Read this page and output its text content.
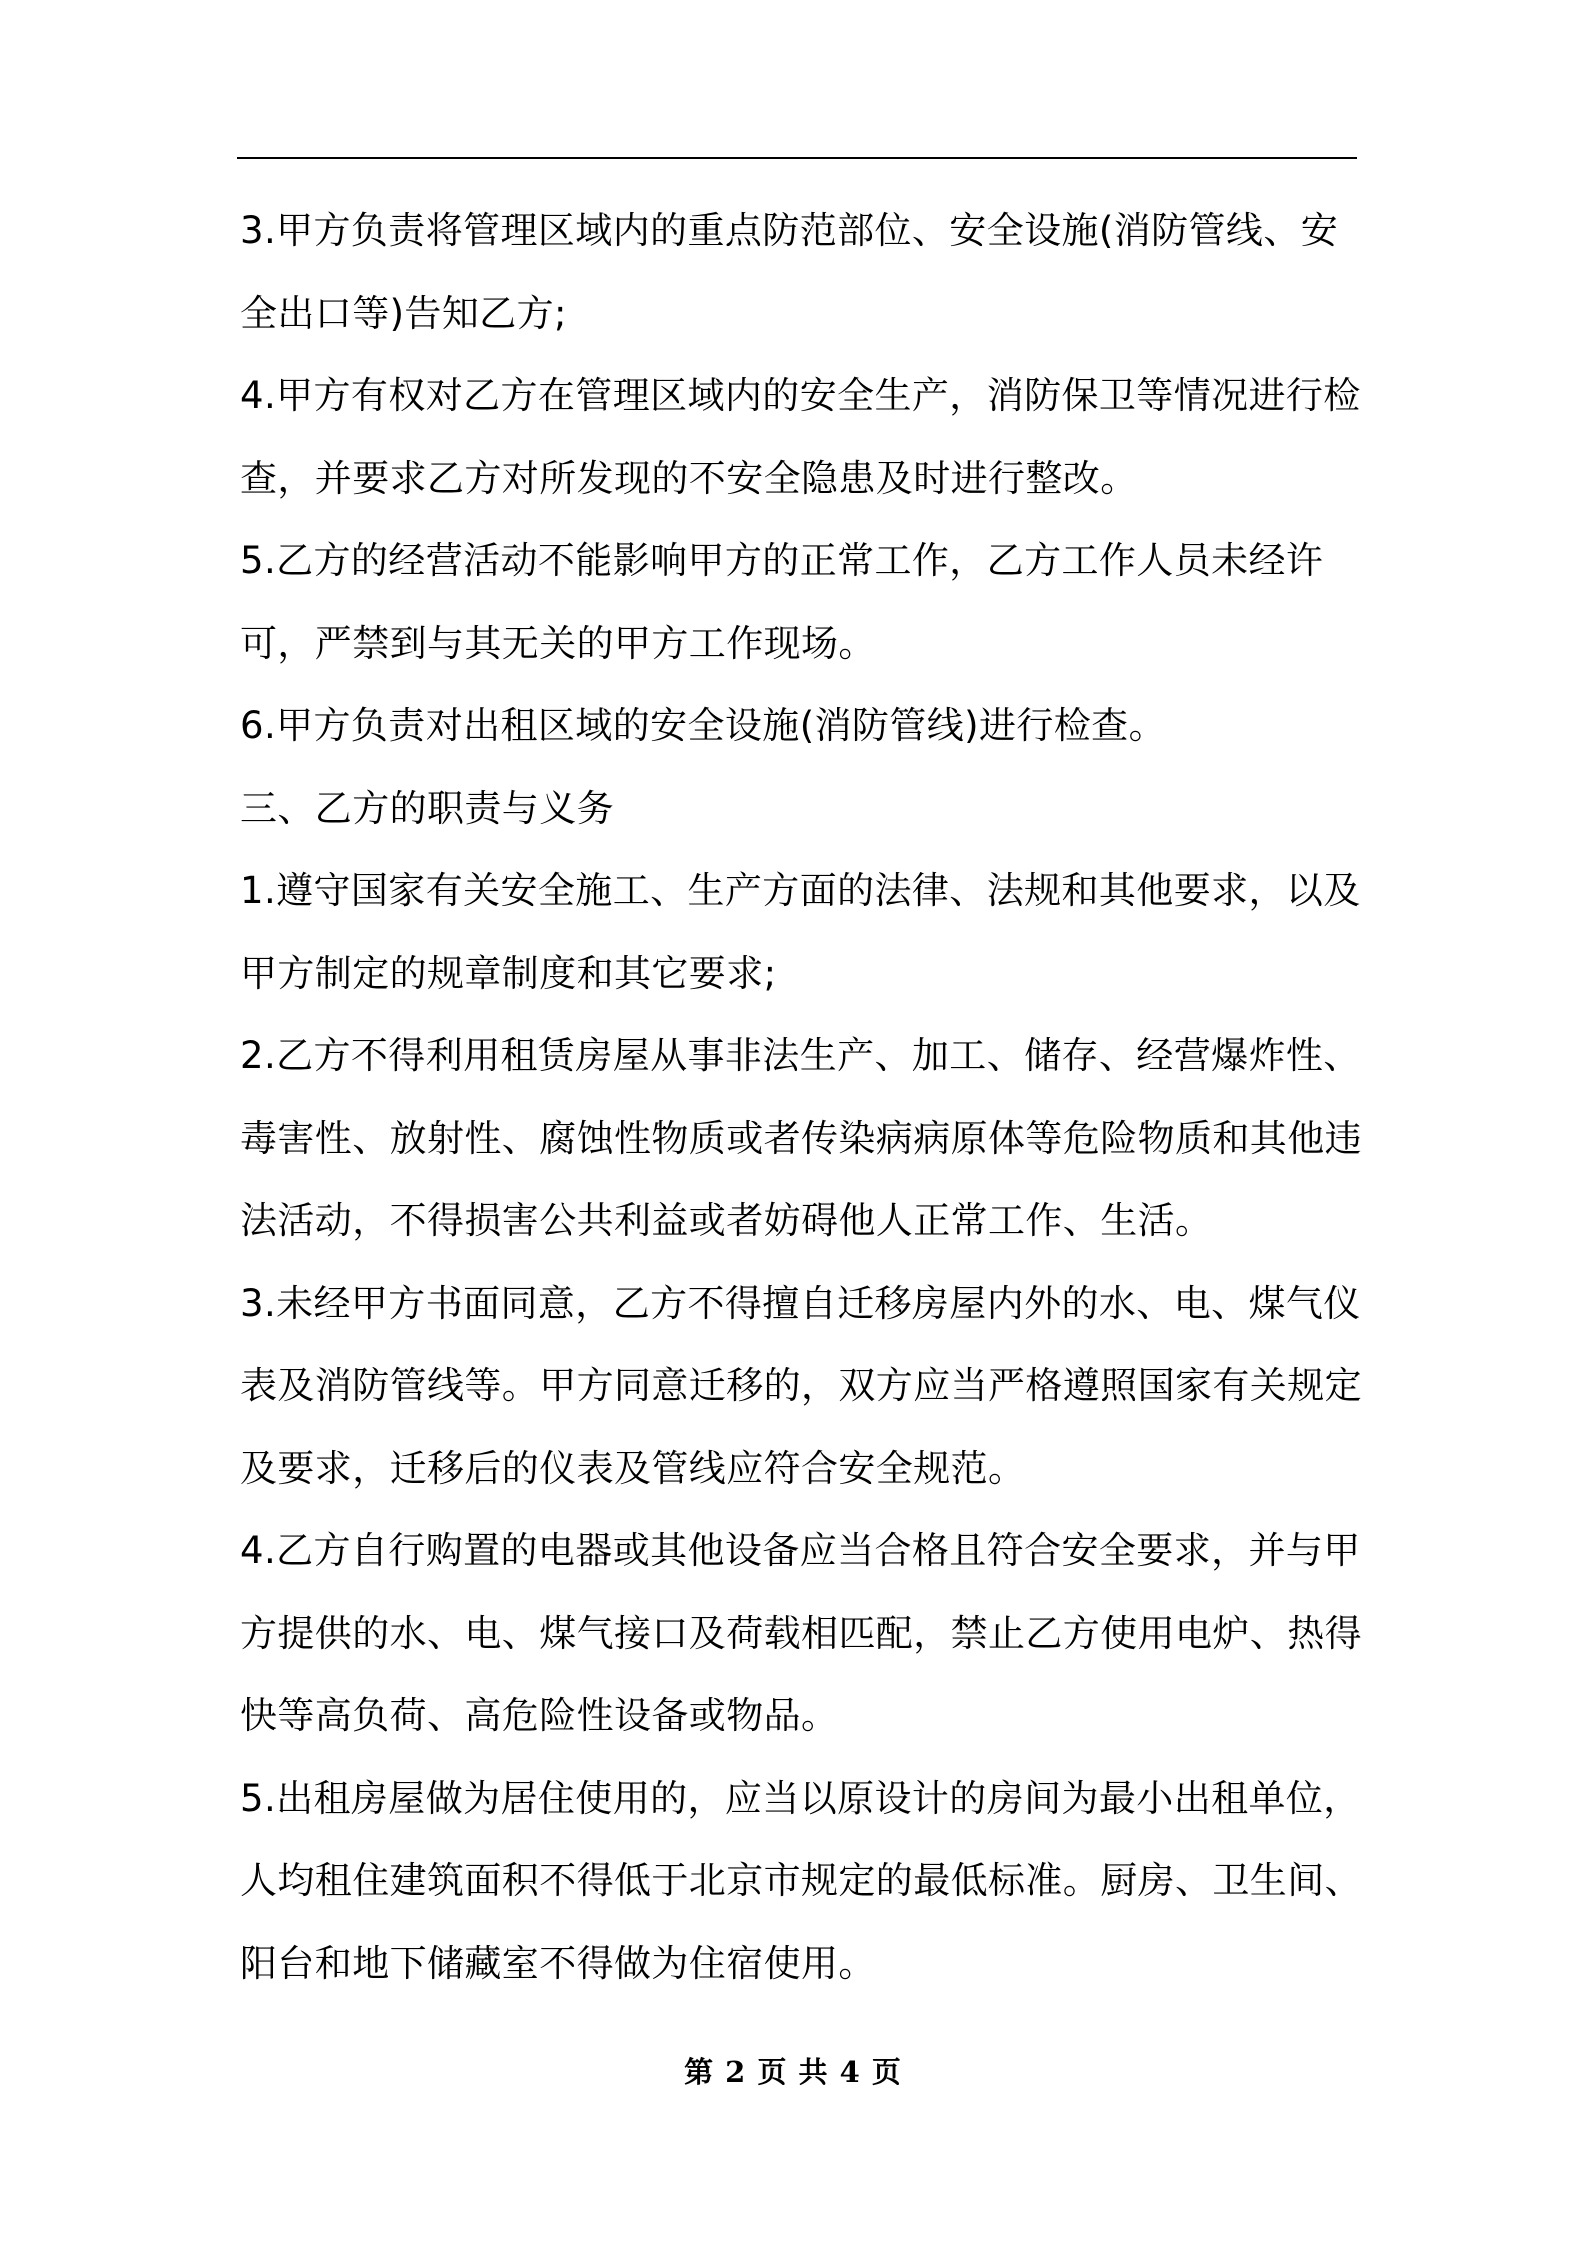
3.甲方负责将管理区域内的重点防范部位、安全设施(消防管线、安全出口等)告知乙方;

4.甲方有权对乙方在管理区域内的安全生产，消防保卫等情况进行检查，并要求乙方对所发现的不安全隐患及时进行整改。

5.乙方的经营活动不能影响甲方的正常工作，乙方工作人员未经许可，严禁到与其无关的甲方工作现场。

6.甲方负责对出租区域的安全设施(消防管线)进行检查。

三、乙方的职责与义务

1.遵守国家有关安全施工、生产方面的法律、法规和其他要求，以及甲方制定的规章制度和其它要求;

2.乙方不得利用租赁房屋从事非法生产、加工、储存、经营爆炸性、毒害性、放射性、腐蚀性物质或者传染病病原体等危险物质和其他违法活动，不得损害公共利益或者妨碍他人正常工作、生活。

3.未经甲方书面同意，乙方不得擅自迁移房屋内外的水、电、煤气仪表及消防管线等。甲方同意迁移的，双方应当严格遵照国家有关规定及要求，迁移后的仪表及管线应符合安全规范。

4.乙方自行购置的电器或其他设备应当合格且符合安全要求，并与甲方提供的水、电、煤气接口及荷载相匹配，禁止乙方使用电炉、热得快等高负荷、高危险性设备或物品。

5.出租房屋做为居住使用的，应当以原设计的房间为最小出租单位，人均租住建筑面积不得低于北京市规定的最低标准。厨房、卫生间、阳台和地下储藏室不得做为住宿使用。

第 2 页 共 4 页
